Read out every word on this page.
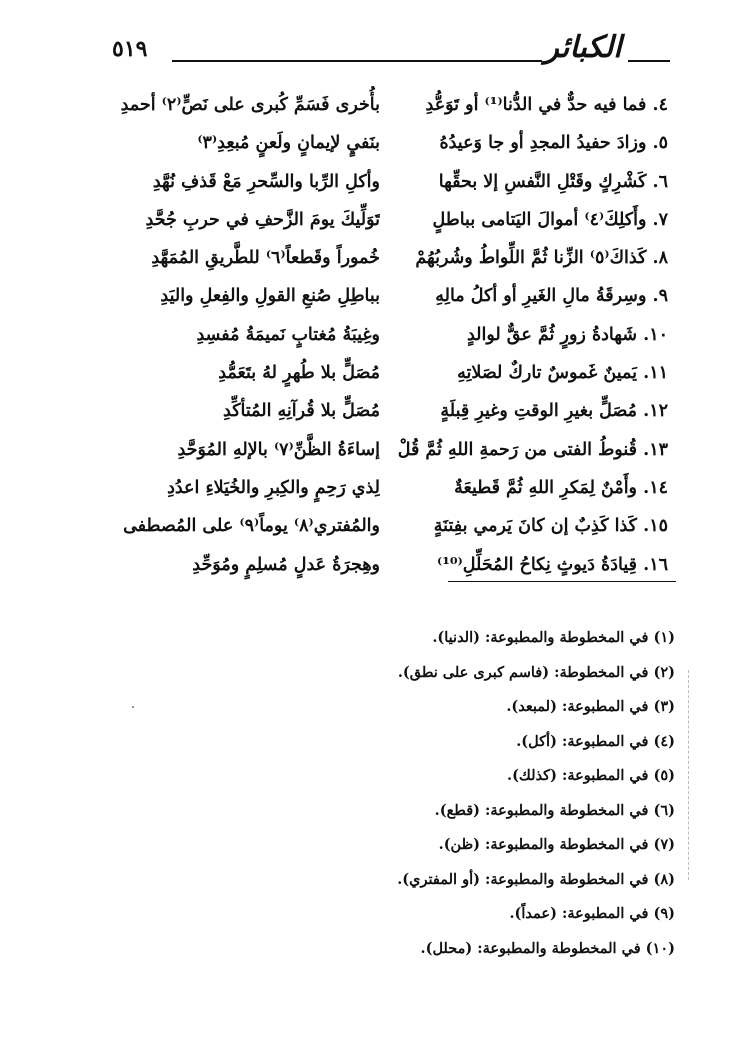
٥١٩	الكبائر
٤. فما فيه حدٌّ في الدُّنا⁽¹⁾ أو تَوَعُّدِ
٥. وزادَ حفيدُ المجدِ أو جا وَعيدُهُ
٦. كَشْرِكٍ وقَتْلِ النَّفسِ إلا بحقِّها
٧. وأَكلِكَ⁽٤⁾ أموالَ اليَتامى بباطلٍ
٨. كَذاكَ⁽٥⁾ الزِّنا ثُمَّ اللِّواطُ وشُربُهُمْ
٩. وسِرقَةُ مالِ الغَيرِ أو أكلُ مالِهِ
١٠. شَهادةُ زورٍ ثُمَّ عقٌّ لوالدٍ
١١. يَمينٌ غَموسٌ تاركٌ لصَلاتِهِ
١٢. مُصَلٍّ بغيرِ الوقتِ وغيرِ قِبلَةٍ
١٣. قُنوطُ الفتى من رَحمةِ اللهِ ثُمَّ قُلْ
١٤. وأَمْنٌ لِمَكرِ اللهِ ثُمَّ قَطيعَةٌ
١٥. كَذا كَذِبٌ إن كانَ يَرمي بفِتنَةٍ
١٦. قِيادَةُ دَيوثٍ نِكاحُ المُحَلِّلِ⁽¹⁰⁾
بأُخرى فَسَمِّ كُبرى على نَصٍّ⁽٢⁾ أحمدِ
بنَفيٍ لإيمانٍ ولَعنٍ مُبعِدِ⁽٣⁾
وأكلِ الرِّبا والسِّحرِ مَعْ قَذفِ نُهَّدِ
تَوَلِّيكَ يومَ الزَّحفِ في حربِ جُحَّدِ
خُموراً وقَطعاً⁽٦⁾ للطَّريقِ المُمَهَّدِ
بباطِلِ صُنعِ القولِ والفِعلِ واليَدِ
وغِيبَةُ مُغتابٍ نَميمَةُ مُفسِدِ
مُصَلٍّ بلا طُهرٍ لهُ بتَعَمُّدِ
مُصَلٍّ بلا قُرآنِهِ المُتأكِّدِ
إساءَةُ الظَّنِّ⁽٧⁾ بالإلهِ المُوَحَّدِ
لِذي رَحِمٍ والكِبرِ والخُيَلاءِ اعدُدِ
والمُفتري⁽٨⁾ يوماً⁽٩⁾ على المُصطفى
وهِجرَةُ عَدلٍ مُسلِمٍ ومُوَحِّدِ
(١) في المخطوطة والمطبوعة: (الدنيا).
(٢) في المخطوطة: (فاسم كبرى على نطق).
(٣) في المطبوعة: (لمبعد).
(٤) في المطبوعة: (أكل).
(٥) في المطبوعة: (كذلك).
(٦) في المخطوطة والمطبوعة: (قطع).
(٧) في المخطوطة والمطبوعة: (ظن).
(٨) في المخطوطة والمطبوعة: (أو المفتري).
(٩) في المطبوعة: (عمداً).
(١٠) في المخطوطة والمطبوعة: (محلل).
